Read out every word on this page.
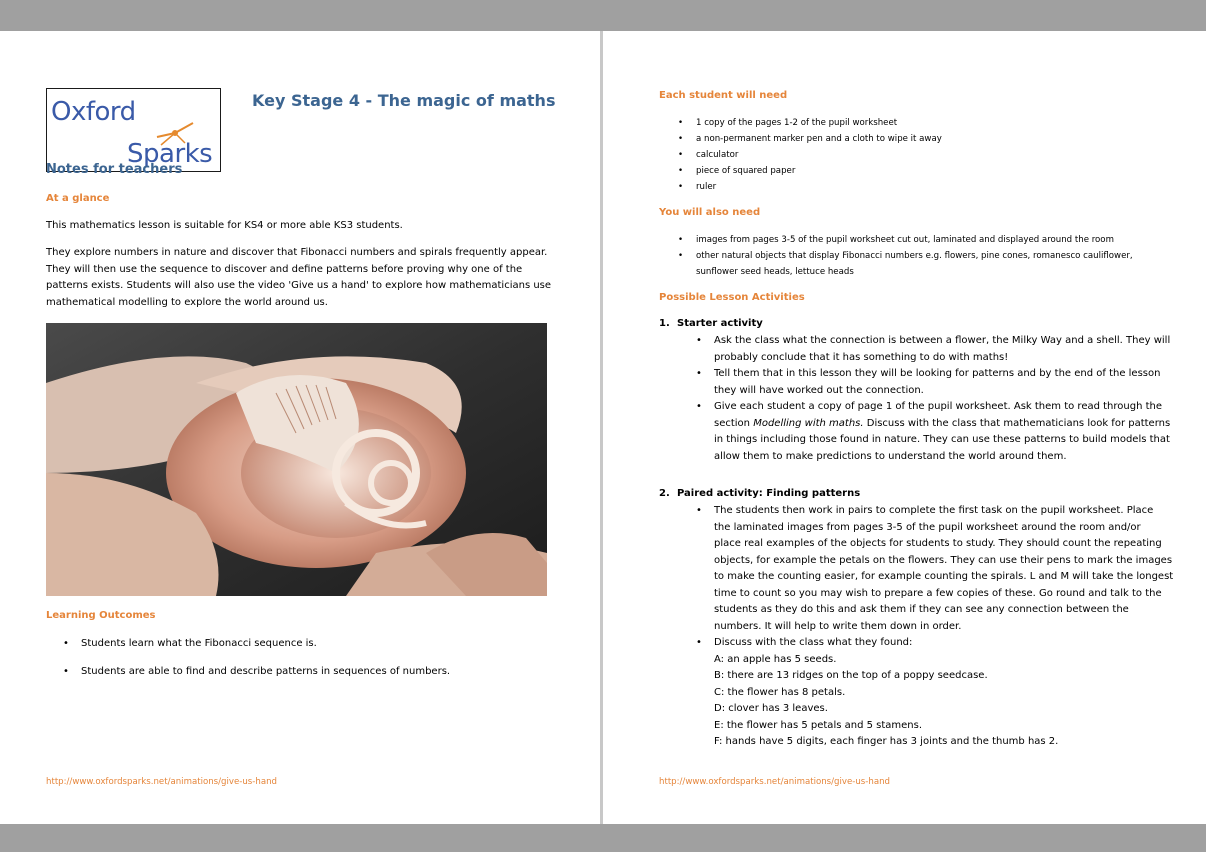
Oxford
Sparks
Key Stage 4 - The magic of maths
Notes for teachers
At a glance
This mathematics lesson is suitable for KS4 or more able KS3 students.
They explore numbers in nature and discover that Fibonacci numbers and spirals frequently appear.
They will then use the sequence to discover and define patterns before proving why one of the
patterns exists. Students will also use the video 'Give us a hand' to explore how mathematicians use
mathematical modelling to explore the world around us.
Learning Outcomes
• Students learn what the Fibonacci sequence is.
• Students are able to find and describe patterns in sequences of numbers.
http://www.oxfordsparks.net/animations/give-us-hand
Each student will need
• 1 copy of the pages 1-2 of the pupil worksheet
• a non-permanent marker pen and a cloth to wipe it away
• calculator
• piece of squared paper
• ruler
You will also need
• images from pages 3-5 of the pupil worksheet cut out, laminated and displayed around the room
• other natural objects that display Fibonacci numbers e.g. flowers, pine cones, romanesco cauliflower,
sunflower seed heads, lettuce heads
Possible Lesson Activities
1. Starter activity
• Ask the class what the connection is between a flower, the Milky Way and a shell. They will
probably conclude that it has something to do with maths!
• Tell them that in this lesson they will be looking for patterns and by the end of the lesson
they will have worked out the connection.
• Give each student a copy of page 1 of the pupil worksheet. Ask them to read through the
section Modelling with maths. Discuss with the class that mathematicians look for patterns
in things including those found in nature. They can use these patterns to build models that
allow them to make predictions to understand the world around them.
2. Paired activity: Finding patterns
• The students then work in pairs to complete the first task on the pupil worksheet. Place
the laminated images from pages 3-5 of the pupil worksheet around the room and/or
place real examples of the objects for students to study. They should count the repeating
objects, for example the petals on the flowers. They can use their pens to mark the images
to make the counting easier, for example counting the spirals. L and M will take the longest
time to count so you may wish to prepare a few copies of these. Go round and talk to the
students as they do this and ask them if they can see any connection between the
numbers. It will help to write them down in order.
• Discuss with the class what they found:
A: an apple has 5 seeds.
B: there are 13 ridges on the top of a poppy seedcase.
C: the flower has 8 petals.
D: clover has 3 leaves.
E: the flower has 5 petals and 5 stamens.
F: hands have 5 digits, each finger has 3 joints and the thumb has 2.
http://www.oxfordsparks.net/animations/give-us-hand
